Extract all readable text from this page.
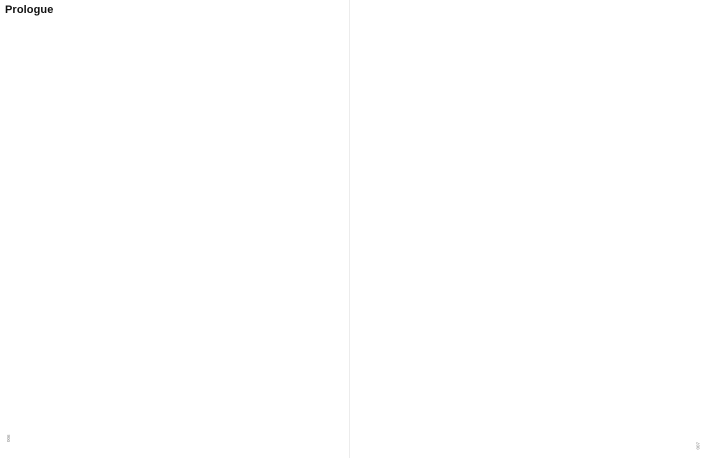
Prologue
006
007
